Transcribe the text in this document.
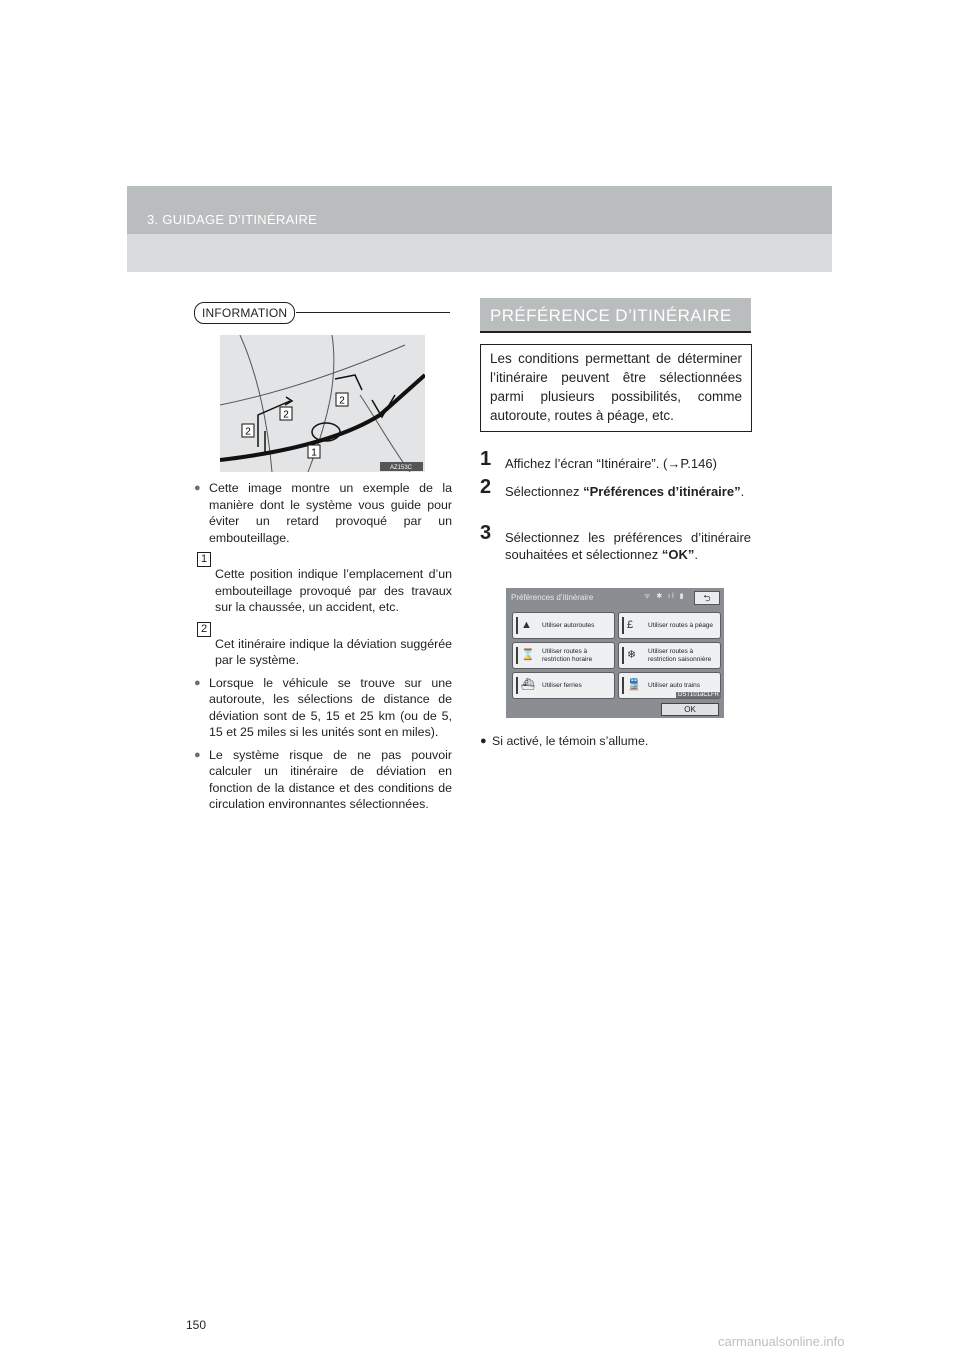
3. GUIDAGE D’ITINÉRAIRE
INFORMATION
2
2
2
1
AZ153C

● Cette image montre un exemple de la manière dont le système vous guide pour éviter un retard provoqué par un embouteillage.

1
Cette position indique l’emplacement d’un embouteillage provoqué par des travaux sur la chaussée, un accident, etc.

2
Cet itinéraire indique la déviation suggérée par le système.

● Lorsque le véhicule se trouve sur une autoroute, les sélections de distance de déviation sont de 5, 15 et 25 km (ou de 5, 15 et 25 miles si les unités sont en miles).

● Le système risque de ne pas pouvoir calculer un itinéraire de déviation en fonction de la distance et des conditions de circulation environnantes sélectionnées.

PRÉFÉRENCE D’ITINÉRAIRE
Les conditions permettant de déterminer l’itinéraire peuvent être sélectionnées parmi plusieurs possibilités, comme autoroute, routes à péage, etc.
1	Affichez l’écran “Itinéraire”. (→P.146)
2	Sélectionnez “Préférences d’itinéraire”.
3	Sélectionnez les préférences d’itinéraire souhaitées et sélectionnez “OK”.
Préférences d’itinéraire	ᯤ ✱ ıl ▮	⮌
▲ Utiliser autoroutes	£ Utiliser routes à péage
⌛ Utiliser routes à
restriction horaire	❄ Utiliser routes à
restriction saisonnière
⛴ Utiliser ferries	🚆 Utiliser auto trains
DST101aCLFR
OK
● Si activé, le témoin s’allume.
150
carmanualsonline.info
